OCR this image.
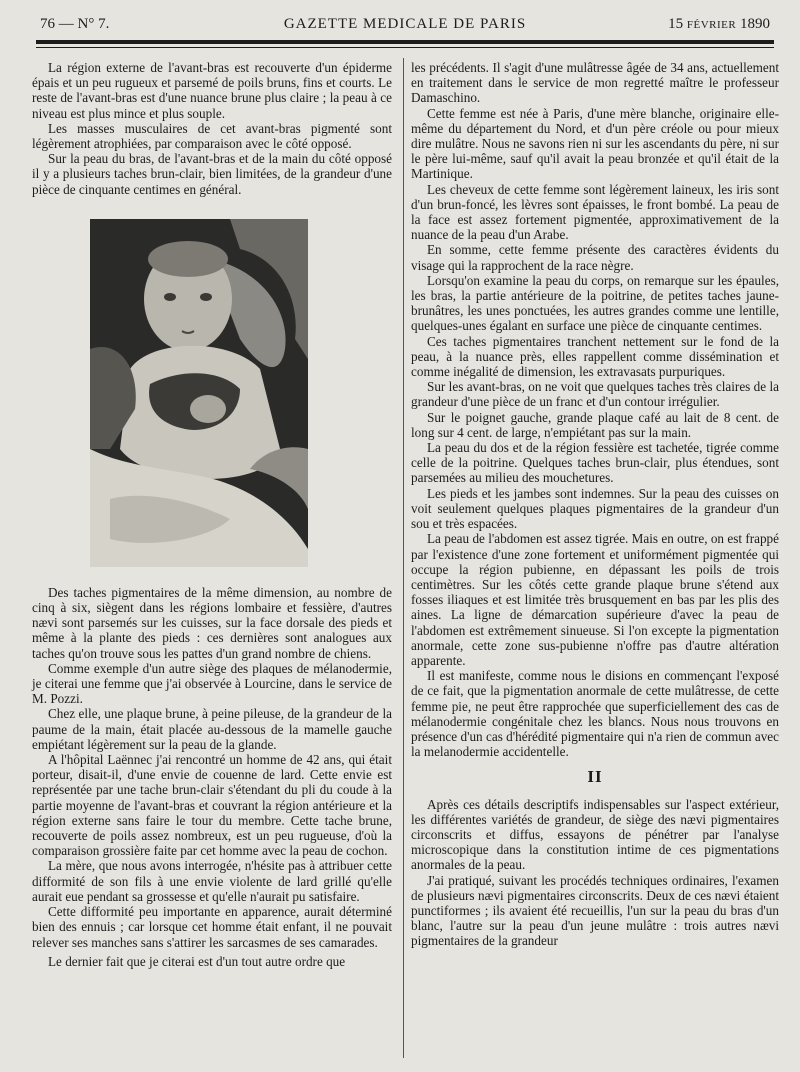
76 — N° 7.	GAZETTE MEDICALE DE PARIS	15 FÉVRIER 1890

La région externe de l'avant-bras est recouverte d'un épiderme épais et un peu rugueux et parsemé de poils bruns, fins et courts. Le reste de l'avant-bras est d'une nuance brune plus claire ; la peau à ce niveau est plus mince et plus souple.

Les masses musculaires de cet avant-bras pigmenté sont légèrement atrophiées, par comparaison avec le côté opposé.

Sur la peau du bras, de l'avant-bras et de la main du côté opposé il y a plusieurs taches brun-clair, bien limitées, de la grandeur d'une pièce de cinquante centimes en général.

Des taches pigmentaires de la même dimension, au nombre de cinq à six, siègent dans les régions lombaire et fessière, d'autres nævi sont parsemés sur les cuisses, sur la face dorsale des pieds et même à la plante des pieds : ces dernières sont analogues aux taches qu'on trouve sous les pattes d'un grand nombre de chiens.

Comme exemple d'un autre siège des plaques de mélanodermie, je citerai une femme que j'ai observée à Lourcine, dans le service de M. Pozzi.

Chez elle, une plaque brune, à peine pileuse, de la grandeur de la paume de la main, était placée au-dessous de la mamelle gauche empiétant légèrement sur la peau de la glande.

A l'hôpital Laënnec j'ai rencontré un homme de 42 ans, qui était porteur, disait-il, d'une envie de couenne de lard. Cette envie est représentée par une tache brun-clair s'étendant du pli du coude à la partie moyenne de l'avant-bras et couvrant la région antérieure et la région externe sans faire le tour du membre. Cette tache brune, recouverte de poils assez nombreux, est un peu rugueuse, d'où la comparaison grossière faite par cet homme avec la peau de cochon.

La mère, que nous avons interrogée, n'hésite pas à attribuer cette difformité de son fils à une envie violente de lard grillé qu'elle aurait eue pendant sa grossesse et qu'elle n'aurait pu satisfaire.

Cette difformité peu importante en apparence, aurait déterminé bien des ennuis ; car lorsque cet homme était enfant, il ne pouvait relever ses manches sans s'attirer les sarcasmes de ses camarades.

Le dernier fait que je citerai est d'un tout autre ordre que

les précédents. Il s'agit d'une mulâtresse âgée de 34 ans, actuellement en traitement dans le service de mon regretté maître le professeur Damaschino.

Cette femme est née à Paris, d'une mère blanche, originaire elle-même du département du Nord, et d'un père créole ou pour mieux dire mulâtre. Nous ne savons rien ni sur les ascendants du père, ni sur le père lui-même, sauf qu'il avait la peau bronzée et qu'il était de la Martinique.

Les cheveux de cette femme sont légèrement laineux, les iris sont d'un brun-foncé, les lèvres sont épaisses, le front bombé. La peau de la face est assez fortement pigmentée, approximativement de la nuance de la peau d'un Arabe.

En somme, cette femme présente des caractères évidents du visage qui la rapprochent de la race nègre.

Lorsqu'on examine la peau du corps, on remarque sur les épaules, les bras, la partie antérieure de la poitrine, de petites taches jaune-brunâtres, les unes ponctuées, les autres grandes comme une lentille, quelques-unes égalant en surface une pièce de cinquante centimes.

Ces taches pigmentaires tranchent nettement sur le fond de la peau, à la nuance près, elles rappellent comme dissémination et comme inégalité de dimension, les extravasats purpuriques.

Sur les avant-bras, on ne voit que quelques taches très claires de la grandeur d'une pièce de un franc et d'un contour irrégulier.

Sur le poignet gauche, grande plaque café au lait de 8 cent. de long sur 4 cent. de large, n'empiétant pas sur la main.

La peau du dos et de la région fessière est tachetée, tigrée comme celle de la poitrine. Quelques taches brun-clair, plus étendues, sont parsemées au milieu des mouchetures.

Les pieds et les jambes sont indemnes. Sur la peau des cuisses on voit seulement quelques plaques pigmentaires de la grandeur d'un sou et très espacées.

La peau de l'abdomen est assez tigrée. Mais en outre, on est frappé par l'existence d'une zone fortement et uniformément pigmentée qui occupe la région pubienne, en dépassant les poils de trois centimètres. Sur les côtés cette grande plaque brune s'étend aux fosses iliaques et est limitée très brusquement en bas par les plis des aines. La ligne de démarcation supérieure d'avec la peau de l'abdomen est extrêmement sinueuse. Si l'on excepte la pigmentation anormale, cette zone sus-pubienne n'offre pas d'autre altération apparente.

Il est manifeste, comme nous le disions en commençant l'exposé de ce fait, que la pigmentation anormale de cette mulâtresse, de cette femme pie, ne peut être rapprochée que superficiellement des cas de mélanodermie congénitale chez les blancs. Nous nous trouvons en présence d'un cas d'hérédité pigmentaire qui n'a rien de commun avec la melanodermie accidentelle.

II

Après ces détails descriptifs indispensables sur l'aspect extérieur, les différentes variétés de grandeur, de siège des nævi pigmentaires circonscrits et diffus, essayons de pénétrer par l'analyse microscopique dans la constitution intime de ces pigmentations anormales de la peau.

J'ai pratiqué, suivant les procédés techniques ordinaires, l'examen de plusieurs nævi pigmentaires circonscrits. Deux de ces nævi étaient punctiformes ; ils avaient été recueillis, l'un sur la peau du bras d'un blanc, l'autre sur la peau d'un jeune mulâtre : trois autres nævi pigmentaires de la grandeur
